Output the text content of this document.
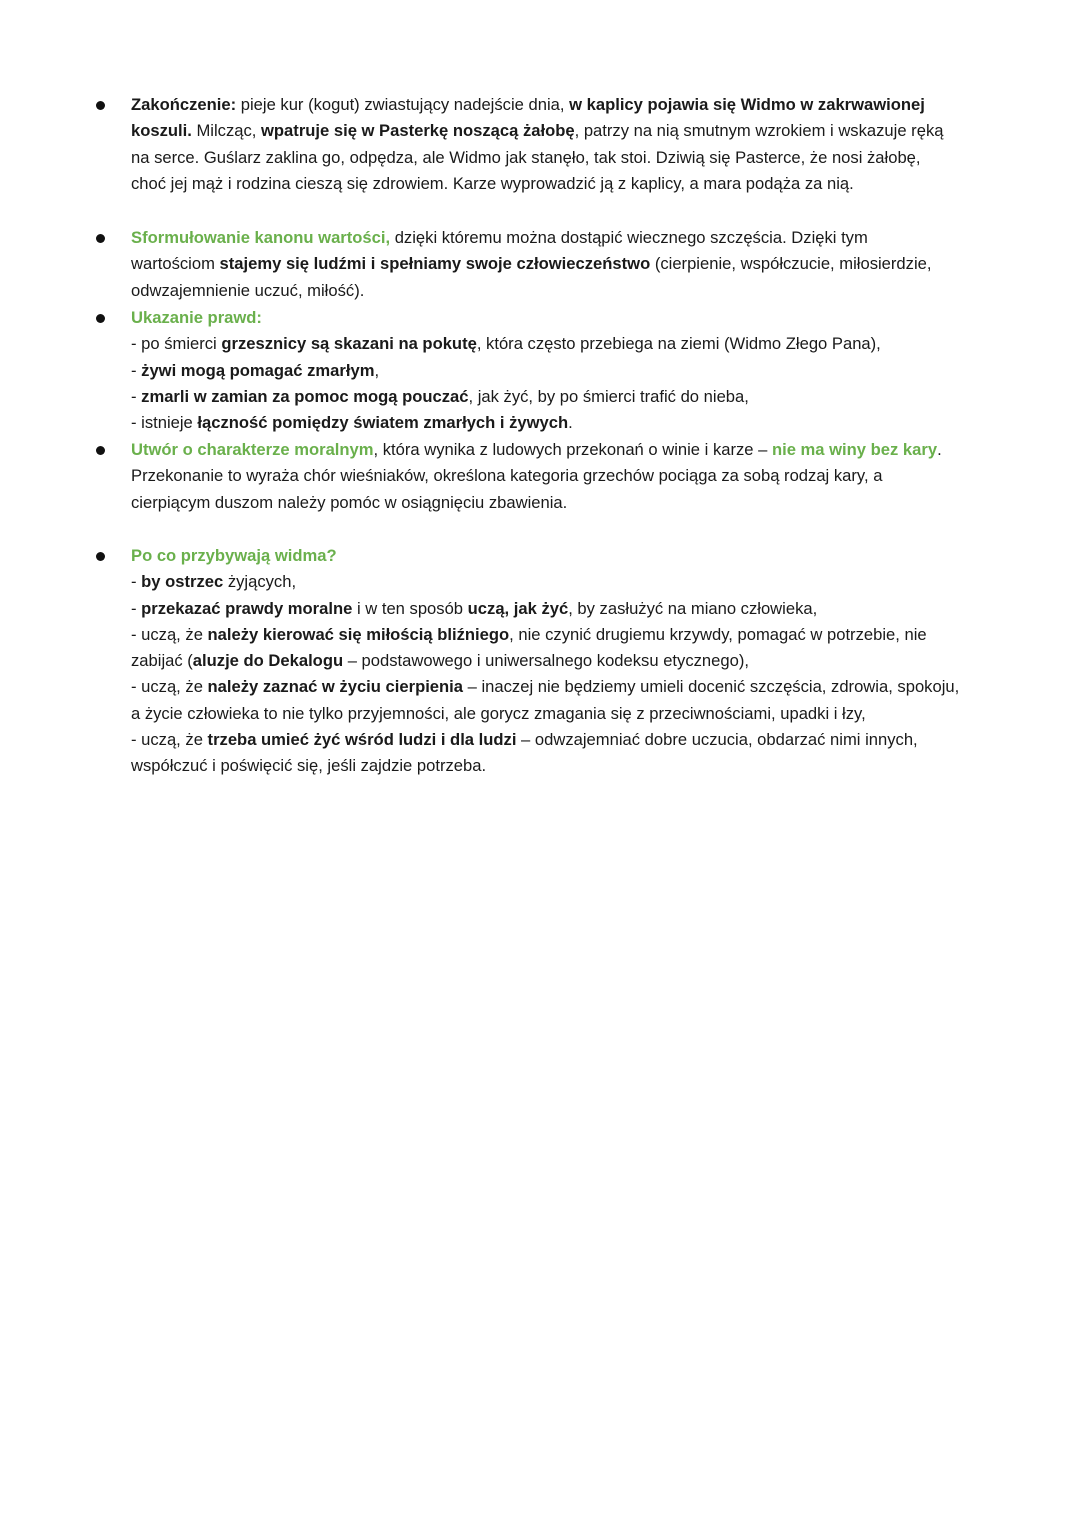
Zakończenie: pieje kur (kogut) zwiastujący nadejście dnia, w kaplicy pojawia się Widmo w zakrwawionej
koszuli. Milcząc, wpatruje się w Pasterkę noszącą żałobę, patrzy na nią smutnym wzrokiem i wskazuje ręką
na serce. Guślarz zaklina go, odpędza, ale Widmo jak stanęło, tak stoi. Dziwią się Pasterce, że nosi żałobę,
choć jej mąż i rodzina cieszą się zdrowiem. Karze wyprowadzić ją z kaplicy, a mara podąża za nią.
Sformułowanie kanonu wartości, dzięki któremu można dostąpić wiecznego szczęścia. Dzięki tym
wartościom stajemy się ludźmi i spełniamy swoje człowieczeństwo (cierpienie, współczucie, miłosierdzie,
odwzajemnienie uczuć, miłość).
Ukazanie prawd:
- po śmierci grzesznicy są skazani na pokutę, która często przebiega na ziemi (Widmo Złego Pana),
- żywi mogą pomagać zmarłym,
- zmarli w zamian za pomoc mogą pouczać, jak żyć, by po śmierci trafić do nieba,
- istnieje łączność pomiędzy światem zmarłych i żywych.
Utwór o charakterze moralnym, która wynika z ludowych przekonań o winie i karze – nie ma winy bez kary.
Przekonanie to wyraża chór wieśniaków, określona kategoria grzechów pociąga za sobą rodzaj kary, a
cierpiącym duszom należy pomóc w osiągnięciu zbawienia.
Po co przybywają widma?
- by ostrzec żyjących,
- przekazać prawdy moralne i w ten sposób uczą, jak żyć, by zasłużyć na miano człowieka,
- uczą, że należy kierować się miłością bliźniego, nie czynić drugiemu krzywdy, pomagać w potrzebie, nie
zabijać (aluzje do Dekalogu – podstawowego i uniwersalnego kodeksu etycznego),
- uczą, że należy zaznać w życiu cierpienia – inaczej nie będziemy umieli docenić szczęścia, zdrowia, spokoju,
a życie człowieka to nie tylko przyjemności, ale gorycz zmagania się z przeciwnościami, upadki i łzy,
- uczą, że trzeba umieć żyć wśród ludzi i dla ludzi – odwzajemniać dobre uczucia, obdarzać nimi innych,
współczuć i poświęcić się, jeśli zajdzie potrzeba.
